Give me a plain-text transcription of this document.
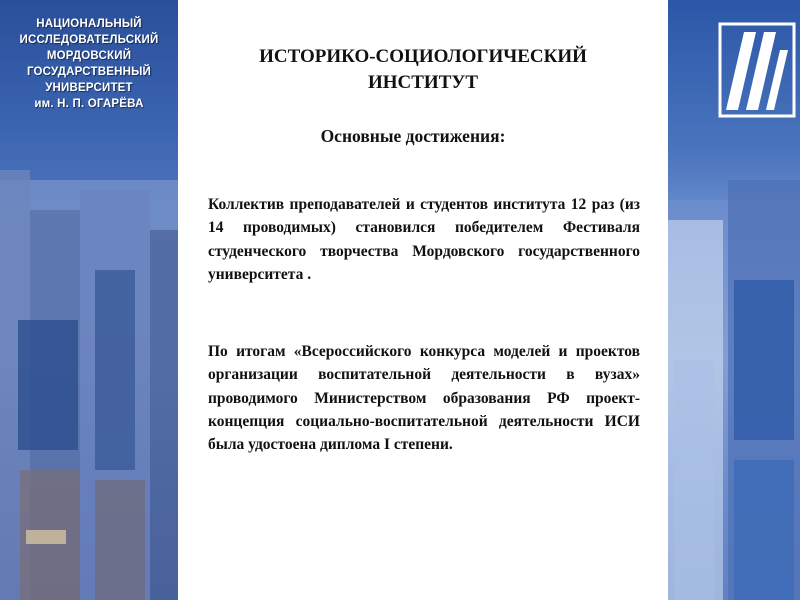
НАЦИОНАЛЬНЫЙ
ИССЛЕДОВАТЕЛЬСКИЙ
МОРДОВСКИЙ
ГОСУДАРСТВЕННЫЙ
УНИВЕРСИТЕТ
им. Н. П. ОГАРЁВА
ИСТОРИКО-СОЦИОЛОГИЧЕСКИЙ
ИНСТИТУТ
Основные достижения:

Коллектив преподавателей и студентов института 12 раз (из 14 проводимых) становился победителем Фестиваля студенческого творчества Мордовского государственного университета .

По итогам «Всероссийского конкурса моделей и проектов организации воспитательной деятельности в вузах» проводимого Министерством образования РФ проект-концепция социально-воспитательной деятельности ИСИ была удостоена диплома I степени.
